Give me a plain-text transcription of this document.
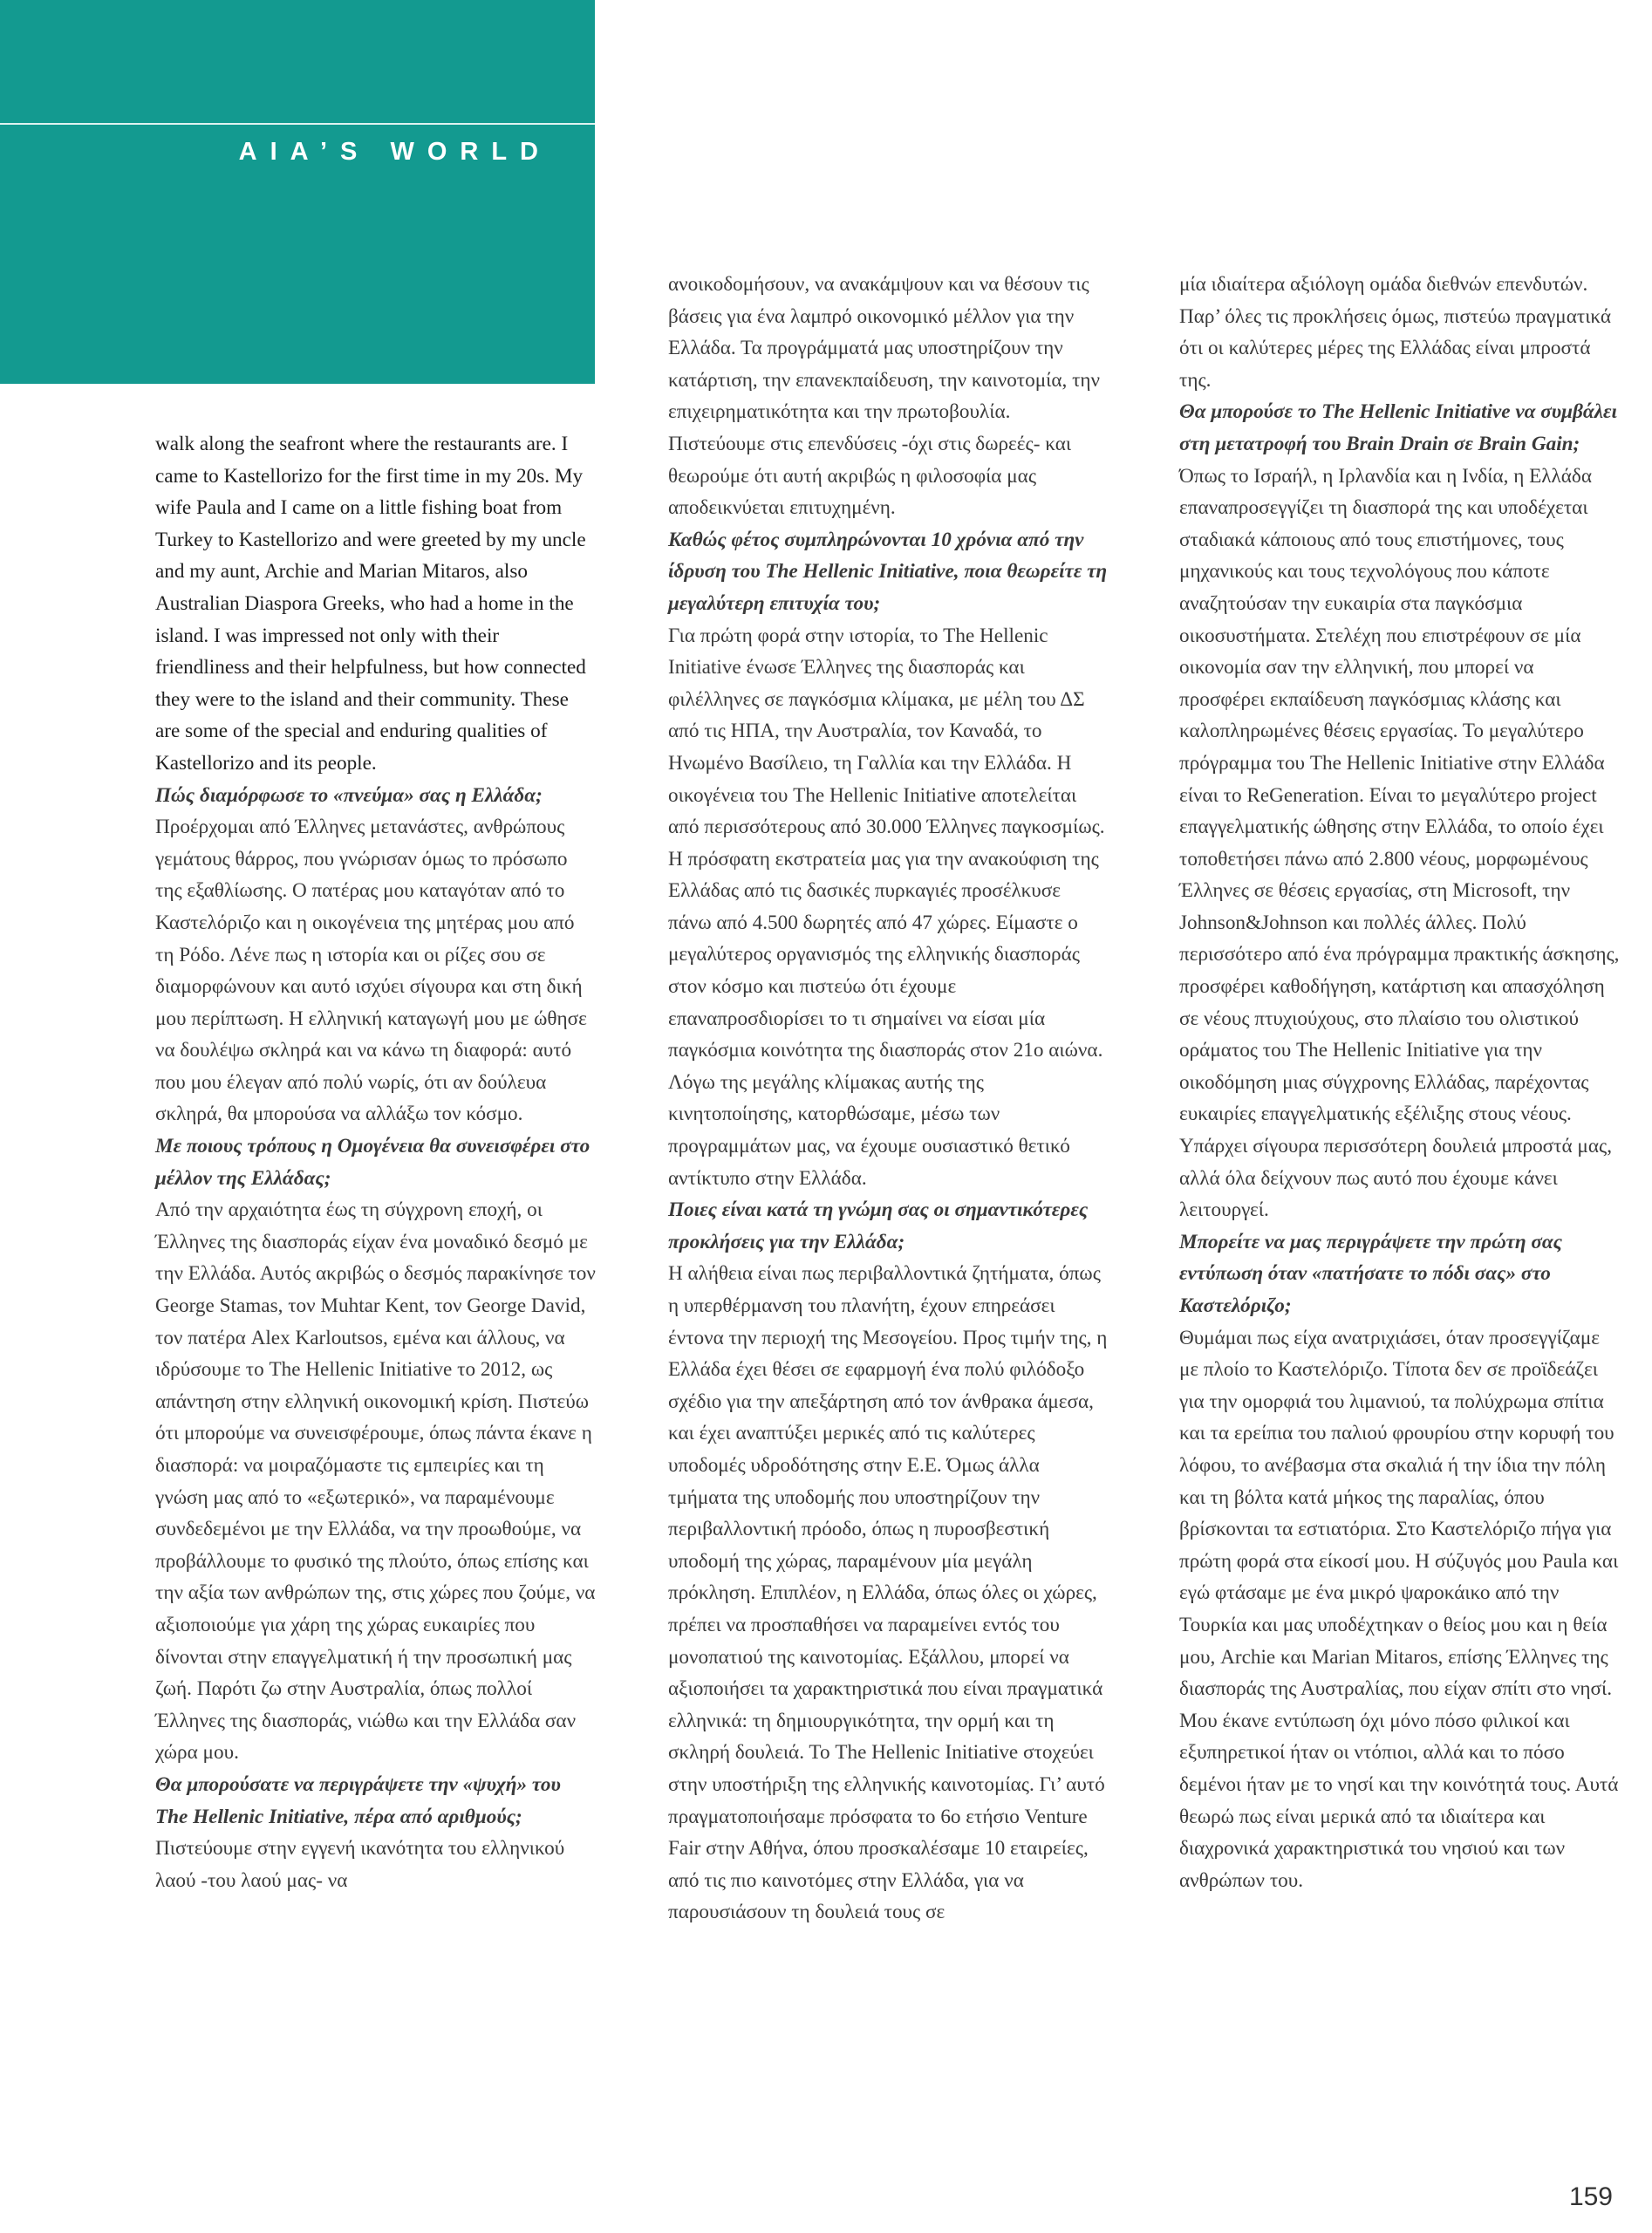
AIA’S WORLD

walk along the seafront where the restaurants are. I came to Kastellorizo for the first time in my 20s. My wife Paula and I came on a little fishing boat from Turkey to Kastellorizo and were greeted by my uncle and my aunt, Archie and Marian Mitaros, also Australian Diaspora Greeks, who had a home in the island. I was impressed not only with their friendliness and their helpfulness, but how connected they were to the island and their community. These are some of the special and enduring qualities of Kastellorizo and its people.

Πώς διαμόρφωσε το «πνεύμα» σας η Ελλάδα;

Προέρχομαι από Έλληνες μετανάστες, ανθρώπους γεμάτους θάρρος, που γνώρισαν όμως το πρόσωπο της εξαθλίωσης. Ο πατέρας μου καταγόταν από το Καστελόριζο και η οικογένεια της μητέρας μου από τη Ρόδο. Λένε πως η ιστορία και οι ρίζες σου σε διαμορφώνουν και αυτό ισχύει σίγουρα και στη δική μου περίπτωση. Η ελληνική καταγωγή μου με ώθησε να δουλέψω σκληρά και να κάνω τη διαφορά: αυτό που μου έλεγαν από πολύ νωρίς, ότι αν δούλευα σκληρά, θα μπορούσα να αλλάξω τον κόσμο.

Με ποιους τρόπους η Ομογένεια θα συνεισφέρει στο μέλλον της Ελλάδας;

Από την αρχαιότητα έως τη σύγχρονη εποχή, οι Έλληνες της διασποράς είχαν ένα μοναδικό δεσμό με την Ελλάδα. Αυτός ακριβώς ο δεσμός παρακίνησε τον George Stamas, τον Muhtar Kent, τον George David, τον πατέρα Alex Karloutsos, εμένα και άλλους, να ιδρύσουμε το The Hellenic Initiative το 2012, ως απάντηση στην ελληνική οικονομική κρίση. Πιστεύω ότι μπορούμε να συνεισφέρουμε, όπως πάντα έκανε η διασπορά: να μοιραζόμαστε τις εμπειρίες και τη γνώση μας από το «εξωτερικό», να παραμένουμε συνδεδεμένοι με την Ελλάδα, να την προωθούμε, να προβάλλουμε το φυσικό της πλούτο, όπως επίσης και την αξία των ανθρώπων της, στις χώρες που ζούμε, να αξιοποιούμε για χάρη της χώρας ευκαιρίες που δίνονται στην επαγγελματική ή την προσωπική μας ζωή. Παρότι ζω στην Αυστραλία, όπως πολλοί Έλληνες της διασποράς, νιώθω και την Ελλάδα σαν χώρα μου.

Θα μπορούσατε να περιγράψετε την «ψυχή» του The Hellenic Initiative, πέρα από αριθμούς;

Πιστεύουμε στην εγγενή ικανότητα του ελληνικού λαού -του λαού μας- να

ανοικοδομήσουν, να ανακάμψουν και να θέσουν τις βάσεις για ένα λαμπρό οικονομικό μέλλον για την Ελλάδα. Τα προγράμματά μας υποστηρίζουν την κατάρτιση, την επανεκπαίδευση, την καινοτομία, την επιχειρηματικότητα και την πρωτοβουλία. Πιστεύουμε στις επενδύσεις -όχι στις δωρεές- και θεωρούμε ότι αυτή ακριβώς η φιλοσοφία μας αποδεικνύεται επιτυχημένη.

Καθώς φέτος συμπληρώνονται 10 χρόνια από την ίδρυση του The Hellenic Initiative, ποια θεωρείτε τη μεγαλύτερη επιτυχία του;

Για πρώτη φορά στην ιστορία, το The Hellenic Initiative ένωσε Έλληνες της διασποράς και φιλέλληνες σε παγκόσμια κλίμακα, με μέλη του ΔΣ από τις ΗΠΑ, την Αυστραλία, τον Καναδά, το Ηνωμένο Βασίλειο, τη Γαλλία και την Ελλάδα. Η οικογένεια του The Hellenic Initiative αποτελείται από περισσότερους από 30.000 Έλληνες παγκοσμίως. Η πρόσφατη εκστρατεία μας για την ανακούφιση της Ελλάδας από τις δασικές πυρκαγιές προσέλκυσε πάνω από 4.500 δωρητές από 47 χώρες. Είμαστε ο μεγαλύτερος οργανισμός της ελληνικής διασποράς στον κόσμο και πιστεύω ότι έχουμε επαναπροσδιορίσει το τι σημαίνει να είσαι μία παγκόσμια κοινότητα της διασποράς στον 21ο αιώνα. Λόγω της μεγάλης κλίμακας αυτής της κινητοποίησης, κατορθώσαμε, μέσω των προγραμμάτων μας, να έχουμε ουσιαστικό θετικό αντίκτυπο στην Ελλάδα.

Ποιες είναι κατά τη γνώμη σας οι σημαντικότερες προκλήσεις για την Ελλάδα;

Η αλήθεια είναι πως περιβαλλοντικά ζητήματα, όπως η υπερθέρμανση του πλανήτη, έχουν επηρεάσει έντονα την περιοχή της Μεσογείου. Προς τιμήν της, η Ελλάδα έχει θέσει σε εφαρμογή ένα πολύ φιλόδοξο σχέδιο για την απεξάρτηση από τον άνθρακα άμεσα, και έχει αναπτύξει μερικές από τις καλύτερες υποδομές υδροδότησης στην Ε.Ε. Όμως άλλα τμήματα της υποδομής που υποστηρίζουν την περιβαλλοντική πρόοδο, όπως η πυροσβεστική υποδομή της χώρας, παραμένουν μία μεγάλη πρόκληση. Επιπλέον, η Ελλάδα, όπως όλες οι χώρες, πρέπει να προσπαθήσει να παραμείνει εντός του μονοπατιού της καινοτομίας. Εξάλλου, μπορεί να αξιοποιήσει τα χαρακτηριστικά που είναι πραγματικά ελληνικά: τη δημιουργικότητα, την ορμή και τη σκληρή δουλειά. Το The Hellenic Initiative στοχεύει στην υποστήριξη της ελληνικής καινοτομίας. Γι’ αυτό πραγματοποιήσαμε πρόσφατα το 6ο ετήσιο Venture Fair στην Αθήνα, όπου προσκαλέσαμε 10 εταιρείες, από τις πιο καινοτόμες στην Ελλάδα, για να παρουσιάσουν τη δουλειά τους σε

μία ιδιαίτερα αξιόλογη ομάδα διεθνών επενδυτών. Παρ’ όλες τις προκλήσεις όμως, πιστεύω πραγματικά ότι οι καλύτερες μέρες της Ελλάδας είναι μπροστά της.

Θα μπορούσε το The Hellenic Initiative να συμβάλει στη μετατροφή του Brain Drain σε Brain Gain;

Όπως το Ισραήλ, η Ιρλανδία και η Ινδία, η Ελλάδα επαναπροσεγγίζει τη διασπορά της και υποδέχεται σταδιακά κάποιους από τους επιστήμονες, τους μηχανικούς και τους τεχνολόγους που κάποτε αναζητούσαν την ευκαιρία στα παγκόσμια οικοσυστήματα. Στελέχη που επιστρέφουν σε μία οικονομία σαν την ελληνική, που μπορεί να προσφέρει εκπαίδευση παγκόσμιας κλάσης και καλοπληρωμένες θέσεις εργασίας. Το μεγαλύτερο πρόγραμμα του The Hellenic Initiative στην Ελλάδα είναι το ReGeneration. Είναι το μεγαλύτερο project επαγγελματικής ώθησης στην Ελλάδα, το οποίο έχει τοποθετήσει πάνω από 2.800 νέους, μορφωμένους Έλληνες σε θέσεις εργασίας, στη Microsoft, την Johnson&Johnson και πολλές άλλες. Πολύ περισσότερο από ένα πρόγραμμα πρακτικής άσκησης, προσφέρει καθοδήγηση, κατάρτιση και απασχόληση σε νέους πτυχιούχους, στο πλαίσιο του ολιστικού οράματος του The Hellenic Initiative για την οικοδόμηση μιας σύγχρονης Ελλάδας, παρέχοντας ευκαιρίες επαγγελματικής εξέλιξης στους νέους. Υπάρχει σίγουρα περισσότερη δουλειά μπροστά μας, αλλά όλα δείχνουν πως αυτό που έχουμε κάνει λειτουργεί.

Μπορείτε να μας περιγράψετε την πρώτη σας εντύπωση όταν «πατήσατε το πόδι σας» στο Καστελόριζο;

Θυμάμαι πως είχα ανατριχιάσει, όταν προσεγγίζαμε με πλοίο το Καστελόριζο. Τίποτα δεν σε προϊδεάζει για την ομορφιά του λιμανιού, τα πολύχρωμα σπίτια και τα ερείπια του παλιού φρουρίου στην κορυφή του λόφου, το ανέβασμα στα σκαλιά ή την ίδια την πόλη και τη βόλτα κατά μήκος της παραλίας, όπου βρίσκονται τα εστιατόρια. Στο Καστελόριζο πήγα για πρώτη φορά στα είκοσί μου. Η σύζυγός μου Paula και εγώ φτάσαμε με ένα μικρό ψαροκάικο από την Τουρκία και μας υποδέχτηκαν ο θείος μου και η θεία μου, Archie και Marian Mitaros, επίσης Έλληνες της διασποράς της Αυστραλίας, που είχαν σπίτι στο νησί. Μου έκανε εντύπωση όχι μόνο πόσο φιλικοί και εξυπηρετικοί ήταν οι ντόπιοι, αλλά και το πόσο δεμένοι ήταν με το νησί και την κοινότητά τους. Αυτά θεωρώ πως είναι μερικά από τα ιδιαίτερα και διαχρονικά χαρακτηριστικά του νησιού και των ανθρώπων του.

159
